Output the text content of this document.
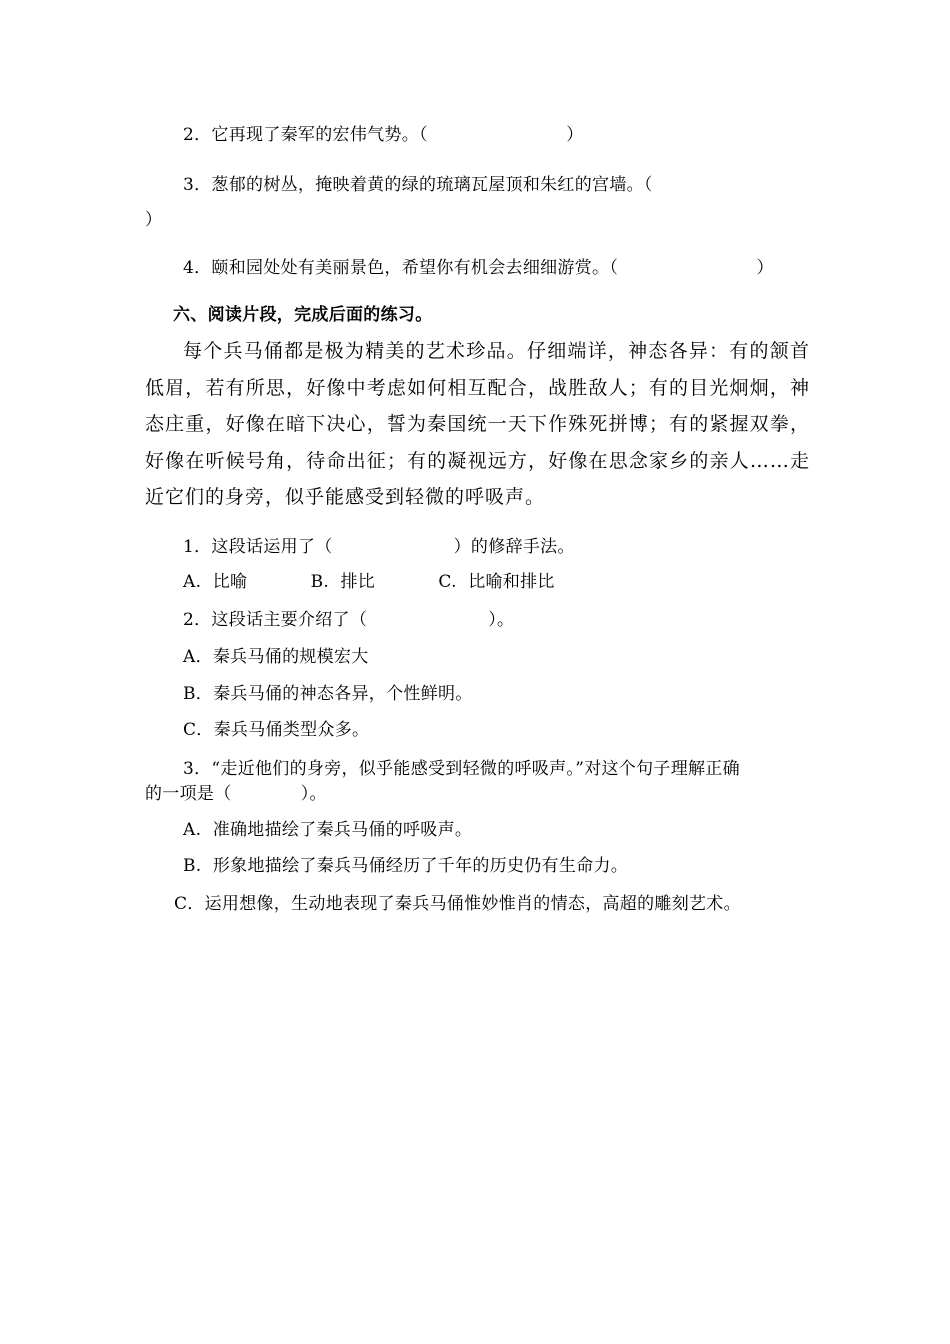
2．它再现了秦军的宏伟气势。（　　　　　　　　）
3．葱郁的树丛，掩映着黄的绿的琉璃瓦屋顶和朱红的宫墙。（
）
4．颐和园处处有美丽景色，希望你有机会去细细游赏。（　　　　　　　　）
六、阅读片段，完成后面的练习。
每个兵马俑都是极为精美的艺术珍品。仔细端详，神态各异：有的颔首低眉，若有所思，好像中考虑如何相互配合，战胜敌人；有的目光炯炯，神态庄重，好像在暗下决心，誓为秦国统一天下作殊死拼博；有的紧握双拳，好像在听候号角，待命出征；有的凝视远方，好像在思念家乡的亲人……走近它们的身旁，似乎能感受到轻微的呼吸声。
1．这段话运用了（　　　　　　　）的修辞手法。
A.  比喻　　　  B.  排比　　　  C.  比喻和排比
2．这段话主要介绍了（　　　　　　　）。
A．秦兵马俑的规模宏大
B．秦兵马俑的神态各异，个性鲜明。
C．秦兵马俑类型众多。
3．“走近他们的身旁，似乎能感受到轻微的呼吸声。”对这个句子理解正确
的一项是（　　　　）。
A.  准确地描绘了秦兵马俑的呼吸声。
B.  形象地描绘了秦兵马俑经历了千年的历史仍有生命力。
C．运用想像，生动地表现了秦兵马俑惟妙惟肖的情态，高超的雕刻艺术。
